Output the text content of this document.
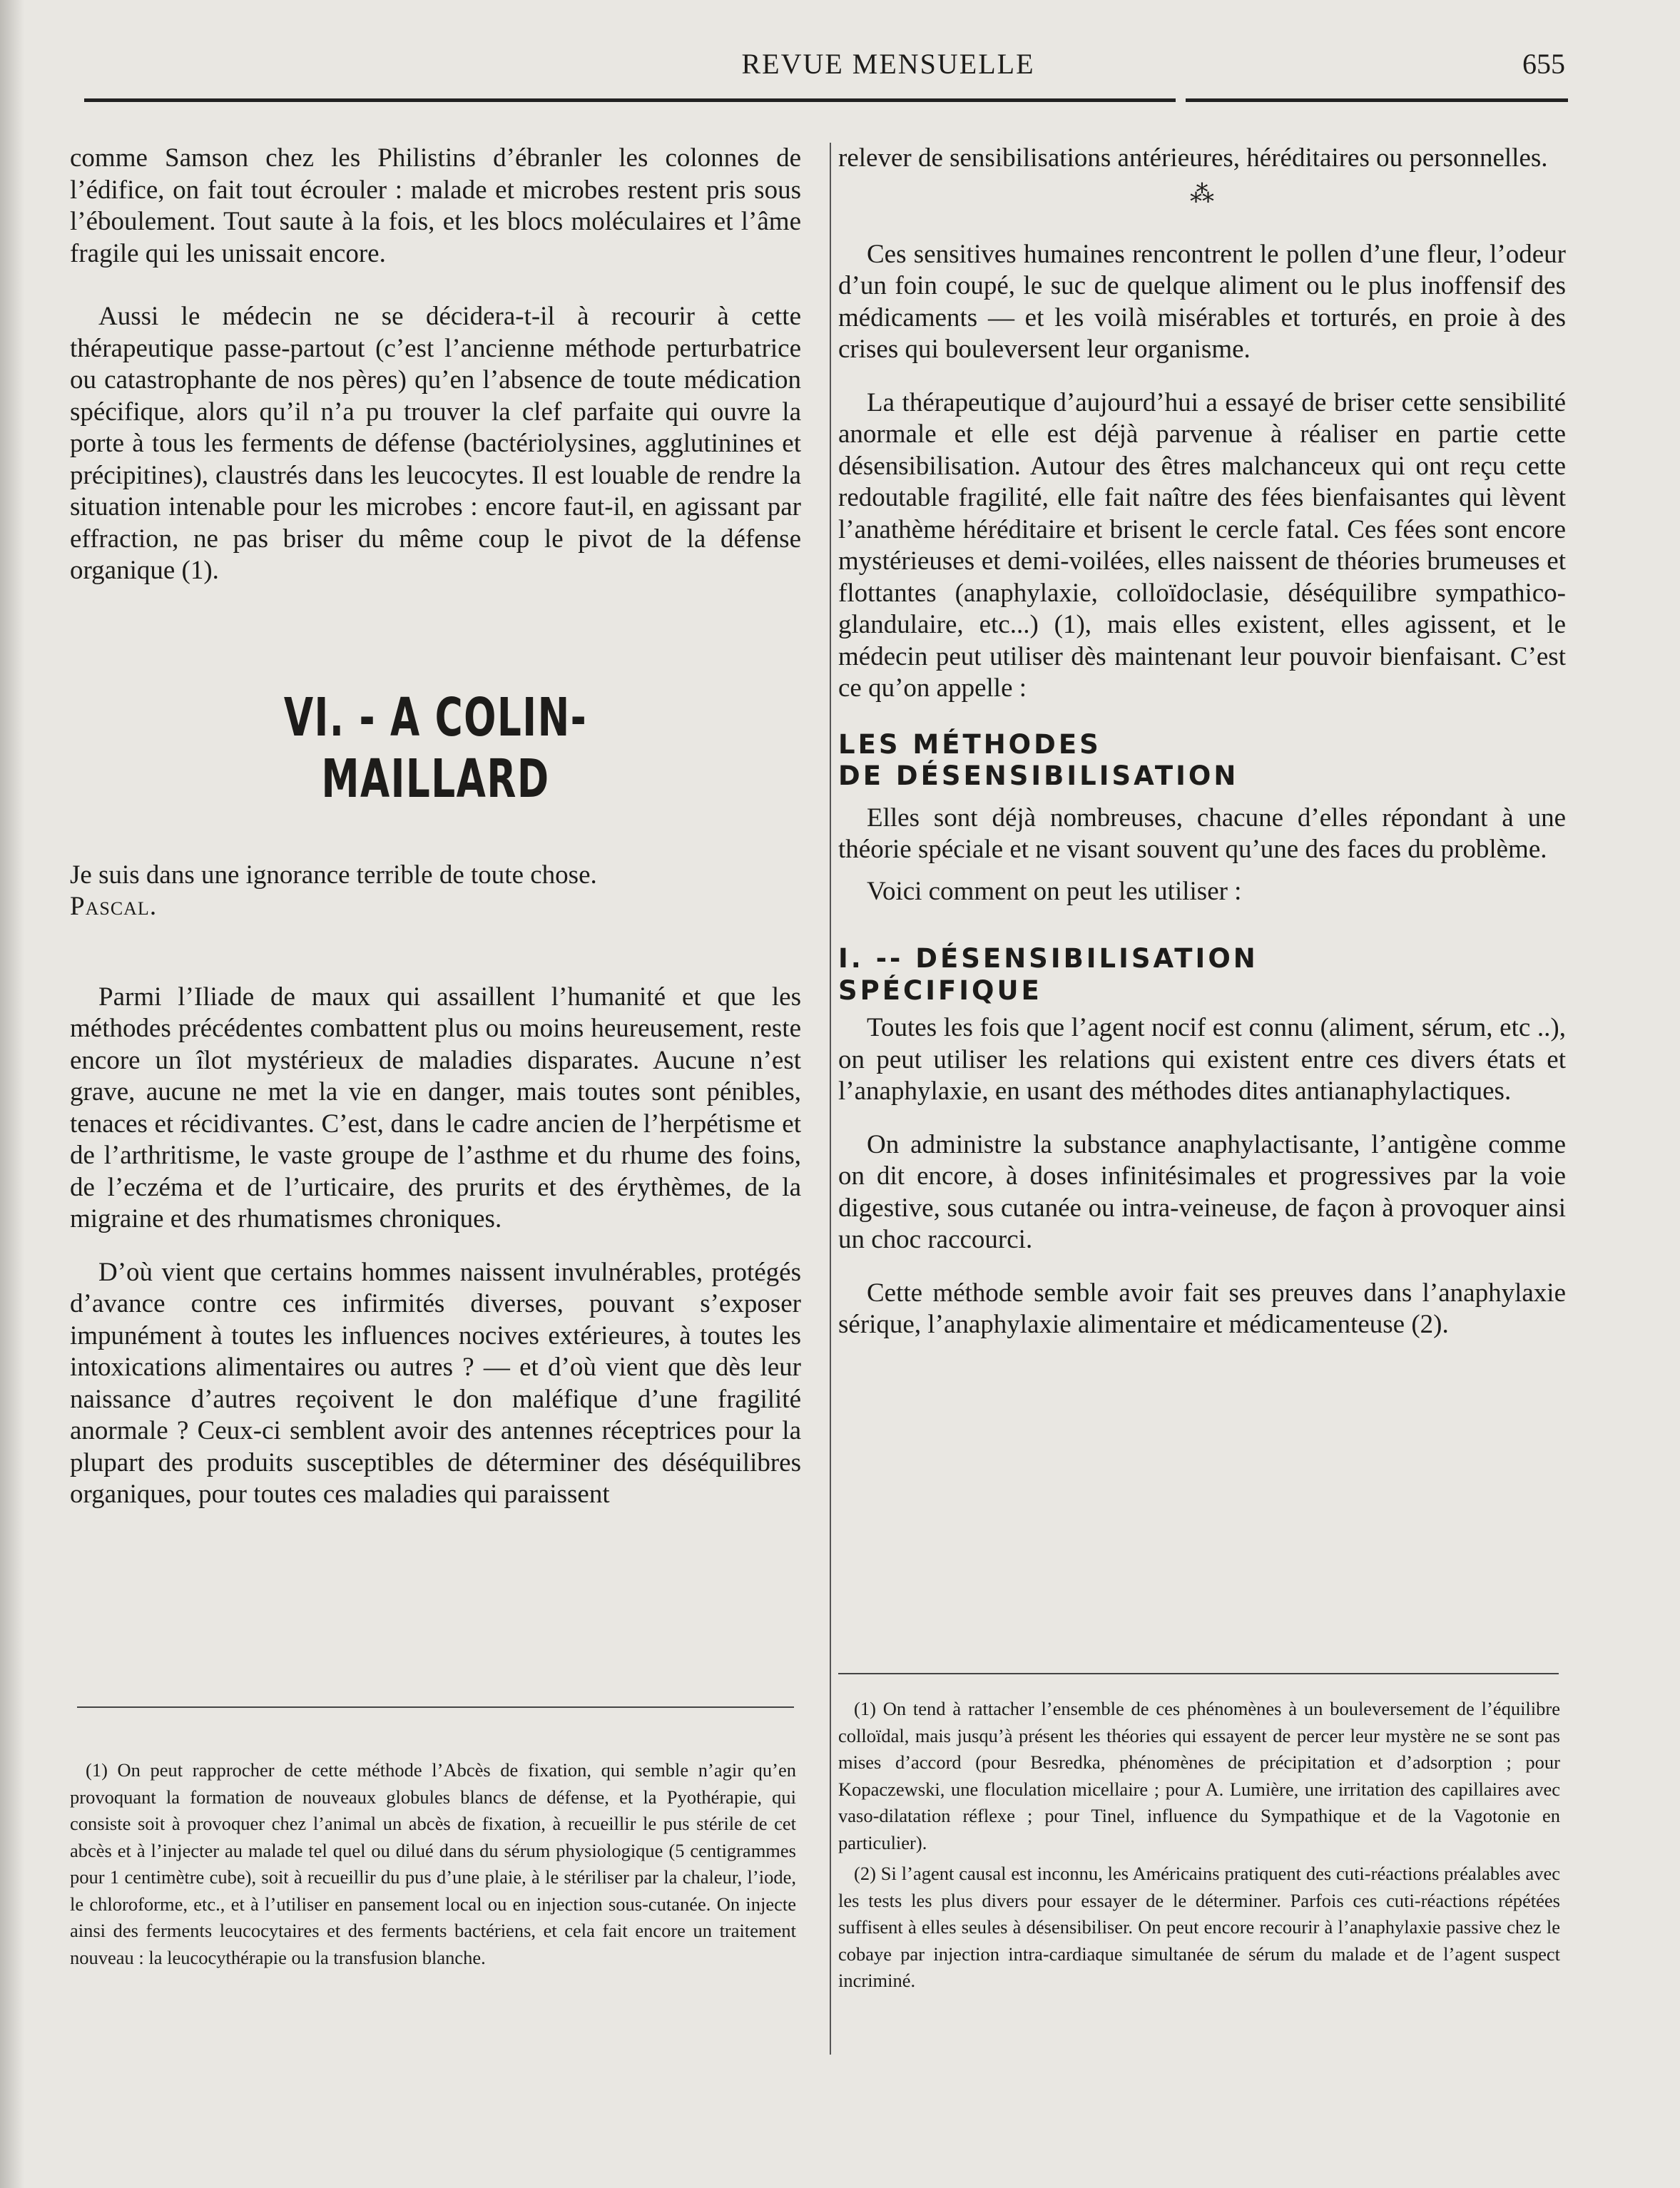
REVUE MENSUELLE	655

comme Samson chez les Philistins d’ébranler les colonnes de l’édifice, on fait tout écrouler : malade et microbes restent pris sous l’éboulement. Tout saute à la fois, et les blocs moléculaires et l’âme fragile qui les unissait encore.

Aussi le médecin ne se décidera-t-il à recourir à cette thérapeutique passe-partout (c’est l’ancienne méthode perturbatrice ou catastrophante de nos pères) qu’en l’absence de toute médication spécifique, alors qu’il n’a pu trouver la clef parfaite qui ouvre la porte à tous les ferments de défense (bactériolysines, agglutinines et précipitines), claustrés dans les leucocytes. Il est louable de rendre la situation intenable pour les microbes : encore faut-il, en agissant par effraction, ne pas briser du même coup le pivot de la défense organique (1).

VI. - A COLIN-MAILLARD

Je suis dans une ignorance terrible de toute chose.

Pascal.

Parmi l’Iliade de maux qui assaillent l’humanité et que les méthodes précédentes combattent plus ou moins heureusement, reste encore un îlot mystérieux de maladies disparates. Aucune n’est grave, aucune ne met la vie en danger, mais toutes sont pénibles, tenaces et récidivantes. C’est, dans le cadre ancien de l’herpétisme et de l’arthritisme, le vaste groupe de l’asthme et du rhume des foins, de l’eczéma et de l’urticaire, des prurits et des érythèmes, de la migraine et des rhumatismes chroniques.

D’où vient que certains hommes naissent invulnérables, protégés d’avance contre ces infirmités diverses, pouvant s’exposer impunément à toutes les influences nocives extérieures, à toutes les intoxications alimentaires ou autres ? — et d’où vient que dès leur naissance d’autres reçoivent le don maléfique d’une fragilité anormale ? Ceux-ci semblent avoir des antennes réceptrices pour la plupart des produits susceptibles de déterminer des déséquilibres organiques, pour toutes ces maladies qui paraissent

(1) On peut rapprocher de cette méthode l’Abcès de fixation, qui semble n’agir qu’en provoquant la formation de nouveaux globules blancs de défense, et la Pyothérapie, qui consiste soit à provoquer chez l’animal un abcès de fixation, à recueillir le pus stérile de cet abcès et à l’injecter au malade tel quel ou dilué dans du sérum physiologique (5 centigrammes pour 1 centimètre cube), soit à recueillir du pus d’une plaie, à le stériliser par la chaleur, l’iode, le chloroforme, etc., et à l’utiliser en pansement local ou en injection sous-cutanée. On injecte ainsi des ferments leucocytaires et des ferments bactériens, et cela fait encore un traitement nouveau : la leucocythérapie ou la transfusion blanche.

relever de sensibilisations antérieures, héréditaires ou personnelles.

⁂

Ces sensitives humaines rencontrent le pollen d’une fleur, l’odeur d’un foin coupé, le suc de quelque aliment ou le plus inoffensif des médicaments — et les voilà misérables et torturés, en proie à des crises qui bouleversent leur organisme.

La thérapeutique d’aujourd’hui a essayé de briser cette sensibilité anormale et elle est déjà parvenue à réaliser en partie cette désensibilisation. Autour des êtres malchanceux qui ont reçu cette redoutable fragilité, elle fait naître des fées bienfaisantes qui lèvent l’anathème héréditaire et brisent le cercle fatal. Ces fées sont encore mystérieuses et demi-voilées, elles naissent de théories brumeuses et flottantes (anaphylaxie, colloïdoclasie, déséquilibre sympathico-glandulaire, etc...) (1), mais elles existent, elles agissent, et le médecin peut utiliser dès maintenant leur pouvoir bienfaisant. C’est ce qu’on appelle :

LES MÉTHODES

DE DÉSENSIBILISATION

Elles sont déjà nombreuses, chacune d’elles répondant à une théorie spéciale et ne visant souvent qu’une des faces du problème.

Voici comment on peut les utiliser :

I. -- DÉSENSIBILISATION

SPÉCIFIQUE

Toutes les fois que l’agent nocif est connu (aliment, sérum, etc ..), on peut utiliser les relations qui existent entre ces divers états et l’anaphylaxie, en usant des méthodes dites antianaphylactiques.

On administre la substance anaphylactisante, l’antigène comme on dit encore, à doses infinitésimales et progressives par la voie digestive, sous cutanée ou intra-veineuse, de façon à provoquer ainsi un choc raccourci.

Cette méthode semble avoir fait ses preuves dans l’anaphylaxie sérique, l’anaphylaxie alimentaire et médicamenteuse (2).

(1) On tend à rattacher l’ensemble de ces phénomènes à un bouleversement de l’équilibre colloïdal, mais jusqu’à présent les théories qui essayent de percer leur mystère ne se sont pas mises d’accord (pour Besredka, phénomènes de précipitation et d’adsorption ; pour Kopaczewski, une floculation micellaire ; pour A. Lumière, une irritation des capillaires avec vaso-dilatation réflexe ; pour Tinel, influence du Sympathique et de la Vagotonie en particulier).

(2) Si l’agent causal est inconnu, les Américains pratiquent des cuti-réactions préalables avec les tests les plus divers pour essayer de le déterminer. Parfois ces cuti-réactions répétées suffisent à elles seules à désensibiliser. On peut encore recourir à l’anaphylaxie passive chez le cobaye par injection intra-cardiaque simultanée de sérum du malade et de l’agent suspect incriminé.
